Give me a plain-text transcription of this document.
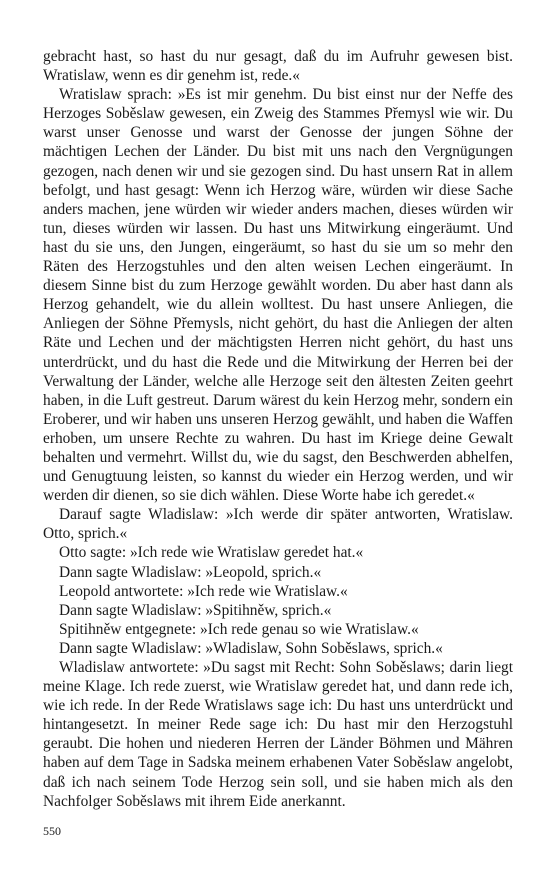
gebracht hast, so hast du nur gesagt, daß du im Aufruhr gewesen bist. Wratislaw, wenn es dir genehm ist, rede.«

Wratislaw sprach: »Es ist mir genehm. Du bist einst nur der Neffe des Herzoges Soběslaw gewesen, ein Zweig des Stammes Přemysl wie wir. Du warst unser Genosse und warst der Genosse der jungen Söhne der mächtigen Lechen der Länder. Du bist mit uns nach den Vergnügungen gezogen, nach denen wir und sie gezogen sind. Du hast unsern Rat in allem befolgt, und hast gesagt: Wenn ich Herzog wäre, würden wir diese Sache anders machen, jene würden wir wieder anders machen, dieses würden wir tun, dieses würden wir lassen. Du hast uns Mitwirkung eingeräumt. Und hast du sie uns, den Jungen, eingeräumt, so hast du sie um so mehr den Räten des Herzogstuhles und den alten weisen Lechen eingeräumt. In diesem Sinne bist du zum Herzoge gewählt worden. Du aber hast dann als Herzog gehandelt, wie du allein wolltest. Du hast unsere Anliegen, die Anliegen der Söhne Přemysls, nicht gehört, du hast die Anliegen der alten Räte und Lechen und der mächtigsten Herren nicht gehört, du hast uns unterdrückt, und du hast die Rede und die Mitwirkung der Herren bei der Verwaltung der Länder, welche alle Herzoge seit den ältesten Zeiten geehrt haben, in die Luft gestreut. Darum wärest du kein Herzog mehr, sondern ein Eroberer, und wir haben uns unseren Herzog gewählt, und haben die Waffen erhoben, um unsere Rechte zu wahren. Du hast im Kriege deine Gewalt behalten und vermehrt. Willst du, wie du sagst, den Beschwerden abhelfen, und Genugtuung leisten, so kannst du wieder ein Herzog werden, und wir werden dir dienen, so sie dich wählen. Diese Worte habe ich geredet.«

Darauf sagte Wladislaw: »Ich werde dir später antworten, Wratislaw. Otto, sprich.«

Otto sagte: »Ich rede wie Wratislaw geredet hat.«

Dann sagte Wladislaw: »Leopold, sprich.«

Leopold antwortete: »Ich rede wie Wratislaw.«

Dann sagte Wladislaw: »Spitihněw, sprich.«

Spitihněw entgegnete: »Ich rede genau so wie Wratislaw.«

Dann sagte Wladislaw: »Wladislaw, Sohn Soběslaws, sprich.«

Wladislaw antwortete: »Du sagst mit Recht: Sohn Soběslaws; darin liegt meine Klage. Ich rede zuerst, wie Wratislaw geredet hat, und dann rede ich, wie ich rede. In der Rede Wratislaws sage ich: Du hast uns unterdrückt und hintangesetzt. In meiner Rede sage ich: Du hast mir den Herzogstuhl geraubt. Die hohen und niederen Herren der Länder Böhmen und Mähren haben auf dem Tage in Sadska meinem erhabenen Vater Soběslaw angelobt, daß ich nach seinem Tode Herzog sein soll, und sie haben mich als den Nachfolger Soběslaws mit ihrem Eide anerkannt.

550
